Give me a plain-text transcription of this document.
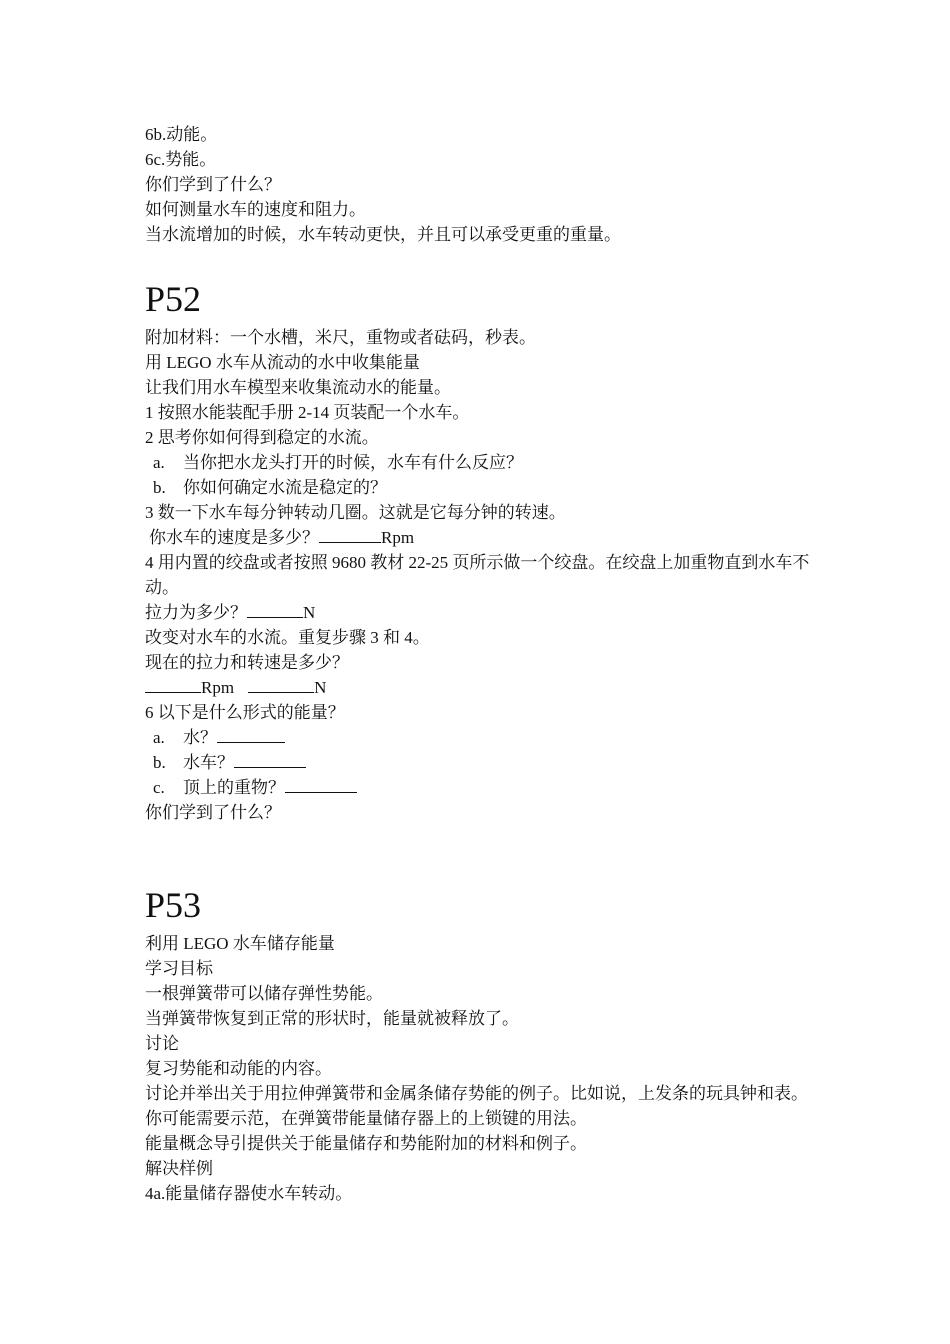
6b.动能。
6c.势能。
你们学到了什么？
如何测量水车的速度和阻力。
当水流增加的时候，水车转动更快，并且可以承受更重的重量。
P52
附加材料：一个水槽，米尺，重物或者砝码，秒表。
用 LEGO 水车从流动的水中收集能量
让我们用水车模型来收集流动水的能量。
1 按照水能装配手册 2-14 页装配一个水车。
2 思考你如何得到稳定的水流。
a. 当你把水龙头打开的时候，水车有什么反应？
b. 你如何确定水流是稳定的？
3 数一下水车每分钟转动几圈。这就是它每分钟的转速。
你水车的速度是多少？	Rpm
4 用内置的绞盘或者按照 9680 教材 22-25 页所示做一个绞盘。在绞盘上加重物直到水车不动。
拉力为多少？	N
改变对水车的水流。重复步骤 3 和 4。
现在的拉力和转速是多少？
Rpm	N
6 以下是什么形式的能量？
a. 水？
b. 水车？
c. 顶上的重物？
你们学到了什么？
P53
利用 LEGO 水车储存能量
学习目标
一根弹簧带可以储存弹性势能。
当弹簧带恢复到正常的形状时，能量就被释放了。
讨论
复习势能和动能的内容。
讨论并举出关于用拉伸弹簧带和金属条储存势能的例子。比如说，上发条的玩具钟和表。
你可能需要示范，在弹簧带能量储存器上的上锁键的用法。
能量概念导引提供关于能量储存和势能附加的材料和例子。
解决样例
4a.能量储存器使水车转动。
